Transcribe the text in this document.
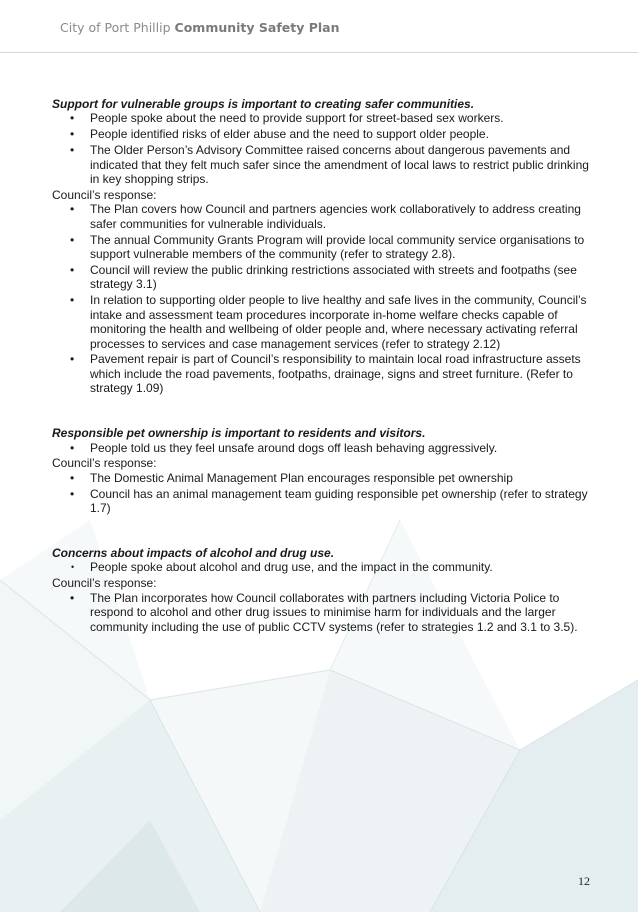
City of Port Phillip Community Safety Plan

Support for vulnerable groups is important to creating safer communities.

• People spoke about the need to provide support for street-based sex workers.
• People identified risks of elder abuse and the need to support older people.
• The Older Person’s Advisory Committee raised concerns about dangerous pavements and indicated that they felt much safer since the amendment of local laws to restrict public drinking in key shopping strips.

Council’s response:

• The Plan covers how Council and partners agencies work collaboratively to address creating safer communities for vulnerable individuals.
• The annual Community Grants Program will provide local community service organisations to support vulnerable members of the community (refer to strategy 2.8).
• Council will review the public drinking restrictions associated with streets and footpaths (see strategy 3.1)
• In relation to supporting older people to live healthy and safe lives in the community, Council’s intake and assessment team procedures incorporate in-home welfare checks capable of monitoring the health and wellbeing of older people and, where necessary activating referral processes to services and case management services (refer to strategy 2.12)
• Pavement repair is part of Council’s responsibility to maintain local road infrastructure assets which include the road pavements, footpaths, drainage, signs and street furniture. (Refer to strategy 1.09)

Responsible pet ownership is important to residents and visitors.

• People told us they feel unsafe around dogs off leash behaving aggressively.

Council’s response:

• The Domestic Animal Management Plan encourages responsible pet ownership
• Council has an animal management team guiding responsible pet ownership (refer to strategy 1.7)

Concerns about impacts of alcohol and drug use.

• People spoke about alcohol and drug use, and the impact in the community.

Council’s response:

• The Plan incorporates how Council collaborates with partners including Victoria Police to respond to alcohol and other drug issues to minimise harm for individuals and the larger community including the use of public CCTV systems (refer to strategies 1.2 and 3.1 to 3.5).
12
